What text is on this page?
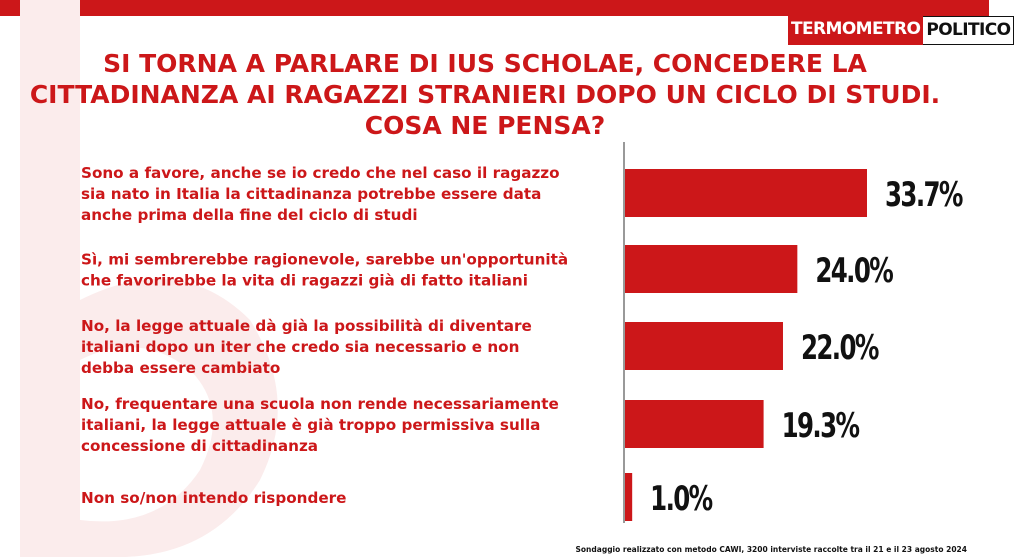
TERMOMETRO POLITICO
SI TORNA A PARLARE DI IUS SCHOLAE, CONCEDERE LA CITTADINANZA AI RAGAZZI STRANIERI DOPO UN CICLO DI STUDI. COSA NE PENSA?
33.7%
Sono a favore, anche se io credo che nel caso il ragazzo sia nato in Italia la cittadinanza potrebbe essere data anche prima della fine del ciclo di studi
24.0%
Sì, mi sembrerebbe ragionevole, sarebbe un'opportunità che favorirebbe la vita di ragazzi già di fatto italiani
22.0%
No, la legge attuale dà già la possibilità di diventare italiani dopo un iter che credo sia necessario e non debba essere cambiato
19.3%
No, frequentare una scuola non rende necessariamente italiani, la legge attuale è già troppo permissiva sulla concessione di cittadinanza
1.0%
Non so/non intendo rispondere
Sondaggio realizzato con metodo CAWI, 3200 interviste raccolte tra il 21 e il 23 agosto 2024
